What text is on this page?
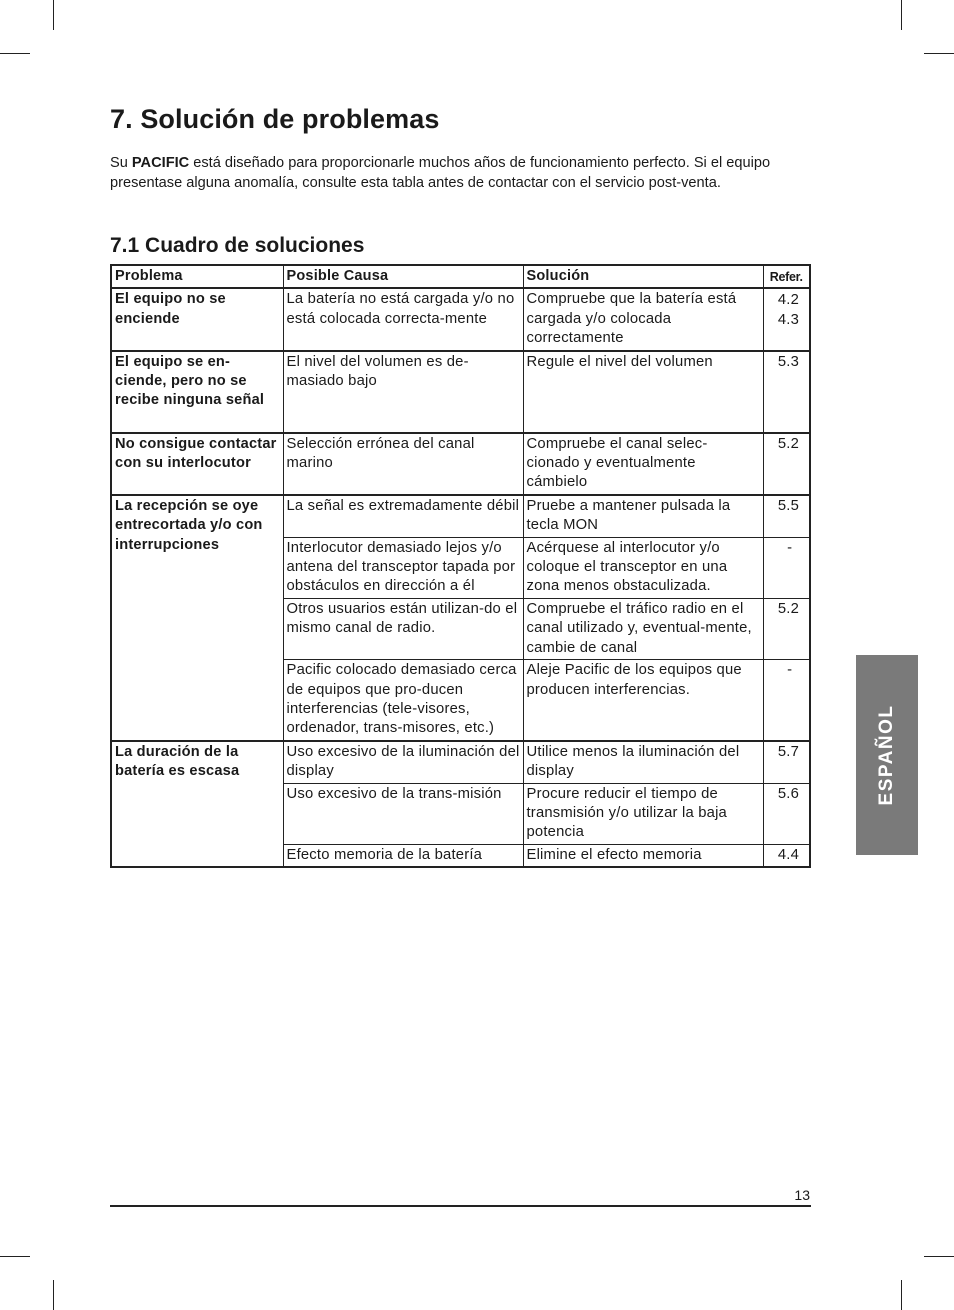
7. Solución de problemas

Su PACIFIC está diseñado para proporcionarle muchos años de funcionamiento perfecto. Si el equipo presentase alguna anomalía, consulte esta tabla antes de contactar con el servicio post-venta.

7.1 Cuadro de soluciones
Problema	Posible Causa	Solución	Refer.
El equipo no se enciende	La batería no está cargada y/o no está colocada correcta-mente	Compruebe que la batería está cargada y/o colocada correctamente	4.2 4.3
El equipo se en-ciende, pero no se recibe ninguna señal	El nivel del volumen es de-masiado bajo	Regule el nivel del volumen	5.3
No consigue contactar con su interlocutor	Selección errónea del canal marino	Compruebe el canal selec-cionado y eventualmente cámbielo	5.2
La recepción se oye entrecortada y/o con interrupciones	La señal es extremadamente débil	Pruebe a mantener pulsada la tecla MON	5.5
	Interlocutor demasiado lejos y/o antena del transceptor tapada por obstáculos en dirección a él	Acérquese al interlocutor y/o coloque el transceptor en una zona menos obstaculizada.	-
	Otros usuarios están utilizan-do el mismo canal de radio.	Compruebe el tráfico radio en el canal utilizado y, eventual-mente, cambie de canal	5.2
	Pacific colocado demasiado cerca de equipos que pro-ducen interferencias (tele-visores, ordenador, trans-misores, etc.)	Aleje Pacific de los equipos que producen interferencias.	-
La duración de la batería es escasa	Uso excesivo de la iluminación del display	Utilice menos la iluminación del display	5.7
	Uso excesivo de la trans-misión	Procure reducir el tiempo de transmisión y/o utilizar la baja potencia	5.6
	Efecto memoria de la batería	Elimine el efecto memoria	4.4
ESPAÑOL
13
